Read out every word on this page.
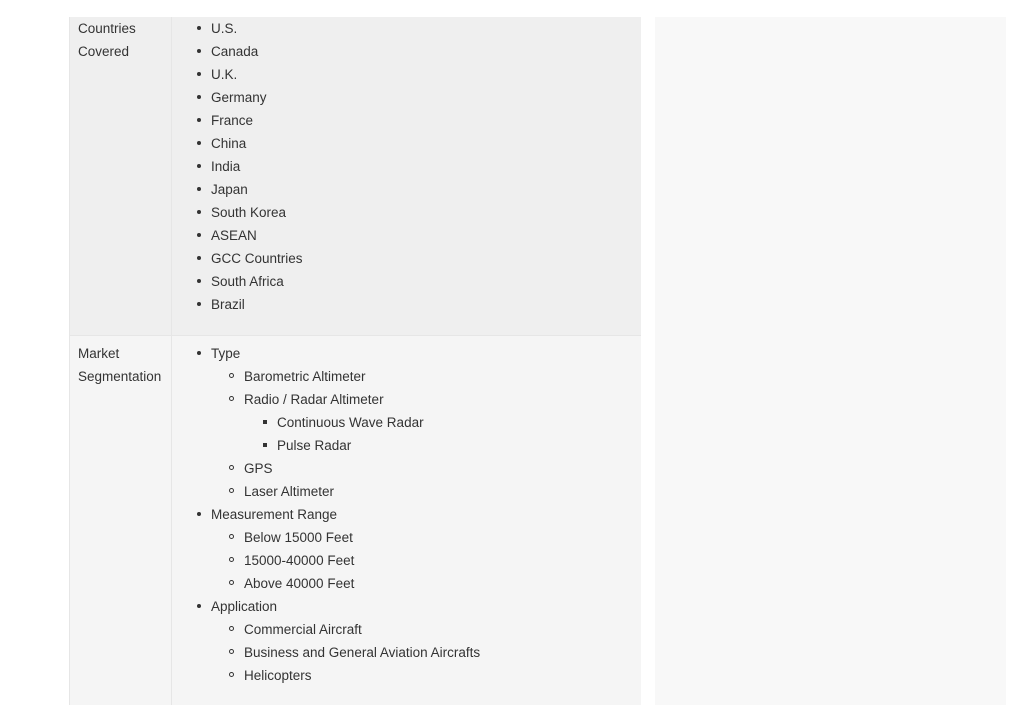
Countries
Covered
U.S.
Canada
U.K.
Germany
France
China
India
Japan
South Korea
ASEAN
GCC Countries
South Africa
Brazil
Market
Segmentation
Type
Barometric Altimeter
Radio / Radar Altimeter
Continuous Wave Radar
Pulse Radar
GPS
Laser Altimeter
Measurement Range
Below 15000 Feet
15000-40000 Feet
Above 40000 Feet
Application
Commercial Aircraft
Business and General Aviation Aircrafts
Helicopters
